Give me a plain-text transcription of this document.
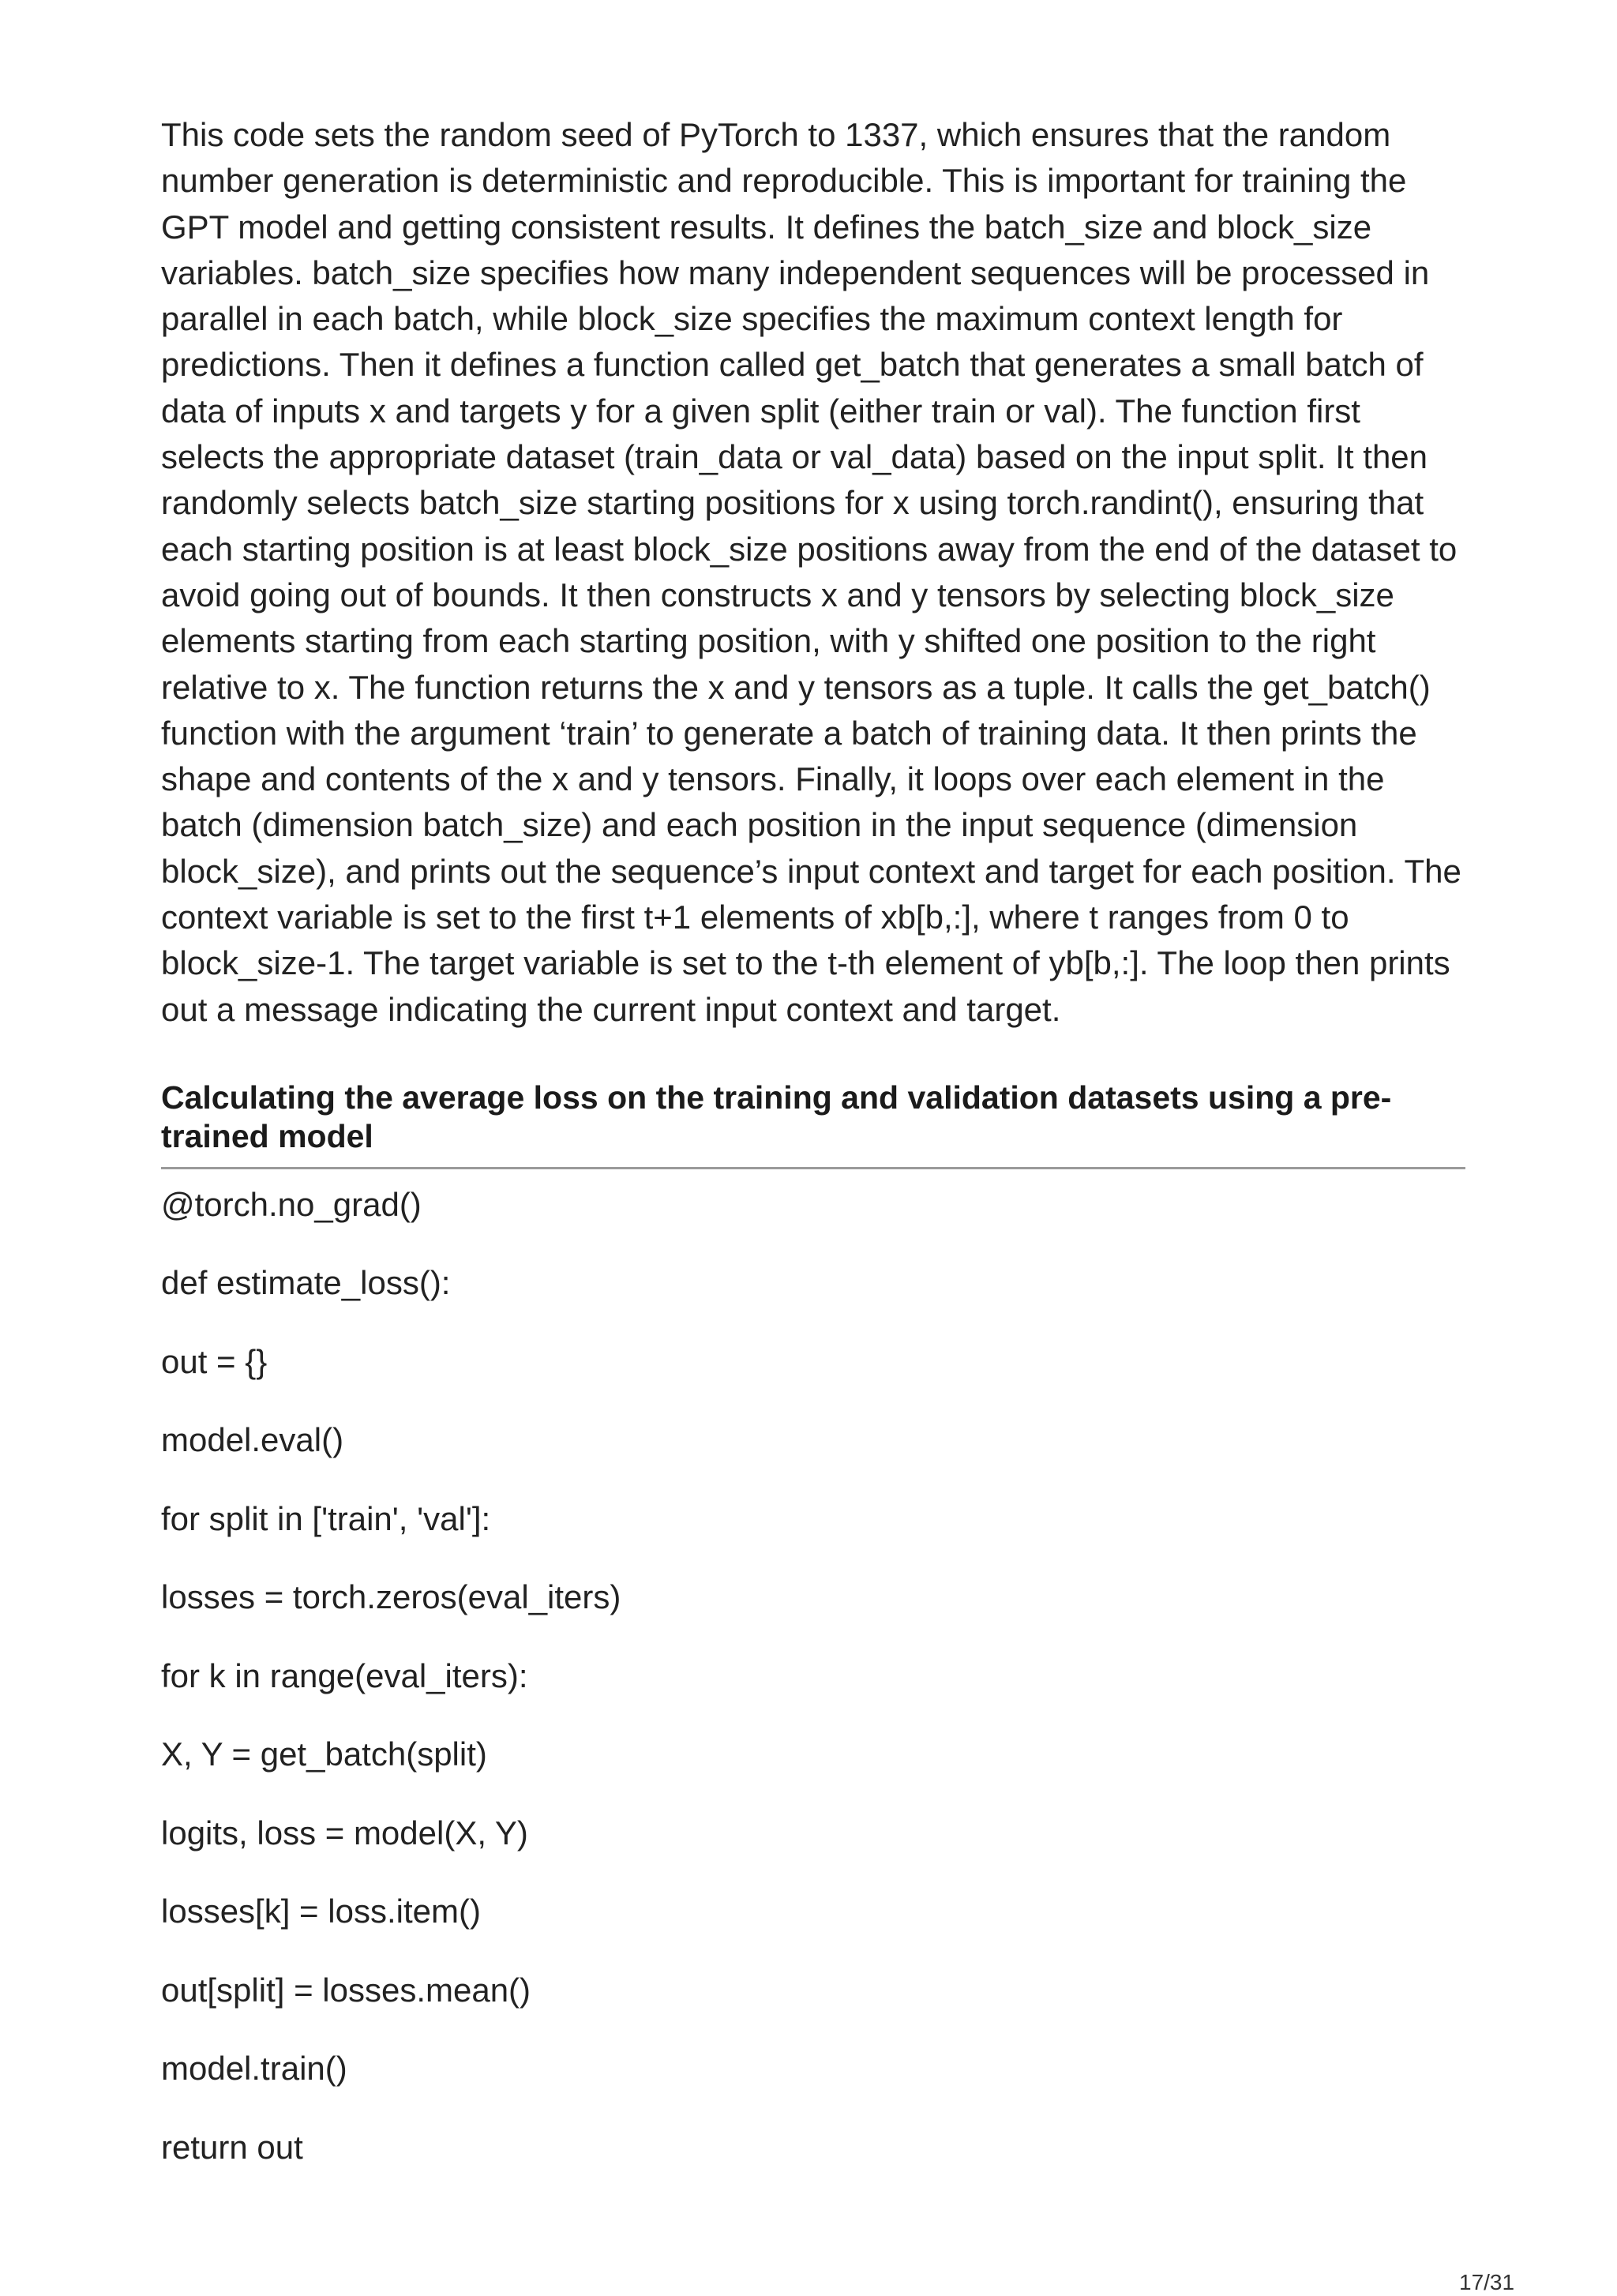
This code sets the random seed of PyTorch to 1337, which ensures that the random number generation is deterministic and reproducible. This is important for training the GPT model and getting consistent results. It defines the batch_size and block_size variables. batch_size specifies how many independent sequences will be processed in parallel in each batch, while block_size specifies the maximum context length for predictions. Then it defines a function called get_batch that generates a small batch of data of inputs x and targets y for a given split (either train or val). The function first selects the appropriate dataset (train_data or val_data) based on the input split. It then randomly selects batch_size starting positions for x using torch.randint(), ensuring that each starting position is at least block_size positions away from the end of the dataset to avoid going out of bounds. It then constructs x and y tensors by selecting block_size elements starting from each starting position, with y shifted one position to the right relative to x. The function returns the x and y tensors as a tuple. It calls the get_batch() function with the argument ‘train’ to generate a batch of training data. It then prints the shape and contents of the x and y tensors. Finally, it loops over each element in the batch (dimension batch_size) and each position in the input sequence (dimension block_size), and prints out the sequence’s input context and target for each position. The context variable is set to the first t+1 elements of xb[b,:], where t ranges from 0 to block_size-1. The target variable is set to the t-th element of yb[b,:]. The loop then prints out a message indicating the current input context and target.

Calculating the average loss on the training and validation datasets using a pre-trained model
@torch.no_grad()
def estimate_loss():
out = {}
model.eval()
for split in ['train', 'val']:
losses = torch.zeros(eval_iters)
for k in range(eval_iters):
X, Y = get_batch(split)
logits, loss = model(X, Y)
losses[k] = loss.item()
out[split] = losses.mean()
model.train()
return out
17/31
